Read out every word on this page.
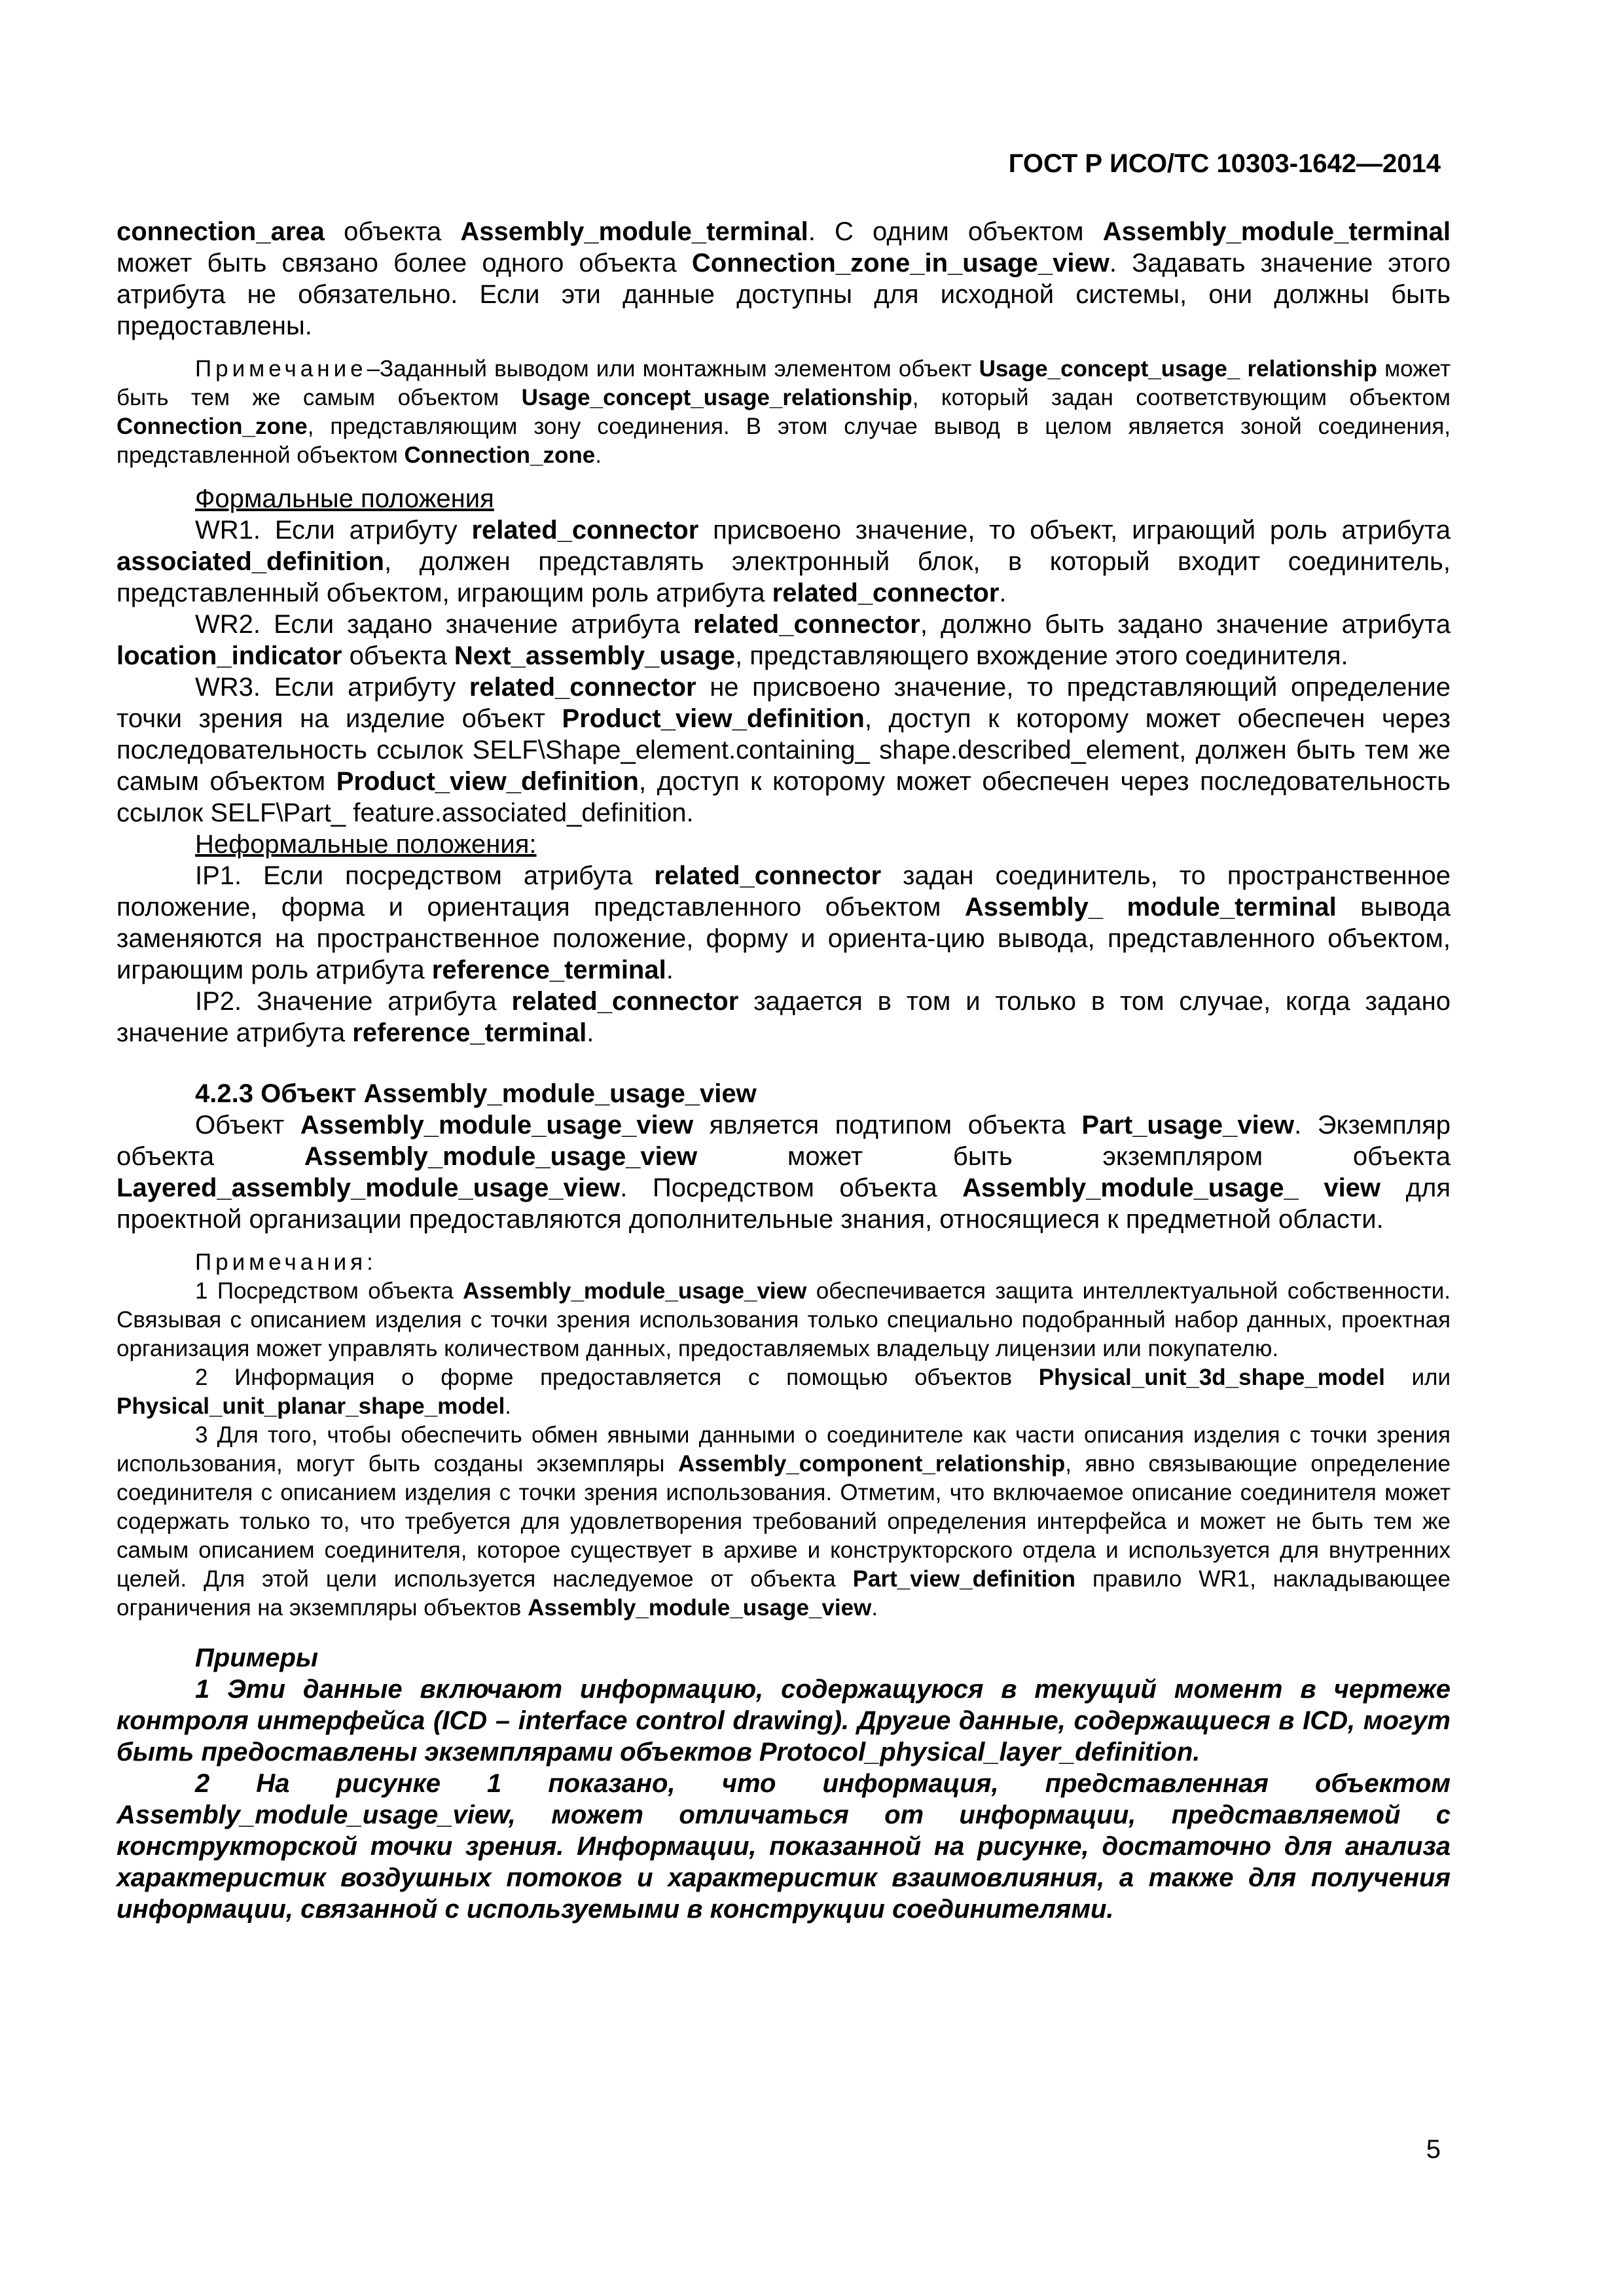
ГОСТ Р ИСО/ТС 10303-1642—2014

connection_area объекта Assembly_module_terminal. С одним объектом Assembly_module_terminal может быть связано более одного объекта Connection_zone_in_usage_view. Задавать значение этого атрибута не обязательно. Если эти данные доступны для исходной системы, они должны быть предоставлены.

Примечание–Заданный выводом или монтажным элементом объект Usage_concept_usage_ relationship может быть тем же самым объектом Usage_concept_usage_relationship, который задан соответствующим объектом Connection_zone, представляющим зону соединения. В этом случае вывод в целом является зоной соединения, представленной объектом Connection_zone.

Формальные положения

WR1. Если атрибуту related_connector присвоено значение, то объект, играющий роль атрибута associated_definition, должен представлять электронный блок, в который входит соединитель, представленный объектом, играющим роль атрибута related_connector.

WR2. Если задано значение атрибута related_connector, должно быть задано значение атрибута location_indicator объекта Next_assembly_usage, представляющего вхождение этого соединителя.

WR3. Если атрибуту related_connector не присвоено значение, то представляющий определение точки зрения на изделие объект Product_view_definition, доступ к которому может обеспечен через последовательность ссылок SELF\Shape_element.containing_ shape.described_element, должен быть тем же самым объектом Product_view_definition, доступ к которому может обеспечен через последовательность ссылок SELF\Part_ feature.associated_definition.

Неформальные положения:

IP1. Если посредством атрибута related_connector задан соединитель, то пространственное положение, форма и ориентация представленного объектом Assembly_ module_terminal вывода заменяются на пространственное положение, форму и ориента-цию вывода, представленного объектом, играющим роль атрибута reference_terminal.

IP2. Значение атрибута related_connector задается в том и только в том случае, когда задано значение атрибута reference_terminal.

4.2.3 Объект Assembly_module_usage_view

Объект Assembly_module_usage_view является подтипом объекта Part_usage_view. Экземпляр объекта Assembly_module_usage_view может быть экземпляром объекта Layered_assembly_module_usage_view. Посредством объекта Assembly_module_usage_ view для проектной организации предоставляются дополнительные знания, относящиеся к предметной области.

Примечания:

1 Посредством объекта Assembly_module_usage_view обеспечивается защита интеллектуальной собственности. Связывая с описанием изделия с точки зрения использования только специально подобранный набор данных, проектная организация может управлять количеством данных, предоставляемых владельцу лицензии или покупателю.

2 Информация о форме предоставляется с помощью объектов Physical_unit_3d_shape_model или Physical_unit_planar_shape_model.

3 Для того, чтобы обеспечить обмен явными данными о соединителе как части описания изделия с точки зрения использования, могут быть созданы экземпляры Assembly_component_relationship, явно связывающие определение соединителя с описанием изделия с точки зрения использования. Отметим, что включаемое описание соединителя может содержать только то, что требуется для удовлетворения требований определения интерфейса и может не быть тем же самым описанием соединителя, которое существует в архиве и конструкторского отдела и используется для внутренних целей. Для этой цели используется наследуемое от объекта Part_view_definition правило WR1, накладывающее ограничения на экземпляры объектов Assembly_module_usage_view.

Примеры

1 Эти данные включают информацию, содержащуюся в текущий момент в чертеже контроля интерфейса (ICD – interface control drawing). Другие данные, содержащиеся в ICD, могут быть предоставлены экземплярами объектов Protocol_physical_layer_definition.

2 На рисунке 1 показано, что информация, представленная объектом Assembly_module_usage_view, может отличаться от информации, представляемой с конструкторской точки зрения. Информации, показанной на рисунке, достаточно для анализа характеристик воздушных потоков и характеристик взаимовлияния, а также для получения информации, связанной с используемыми в конструкции соединителями.

5
